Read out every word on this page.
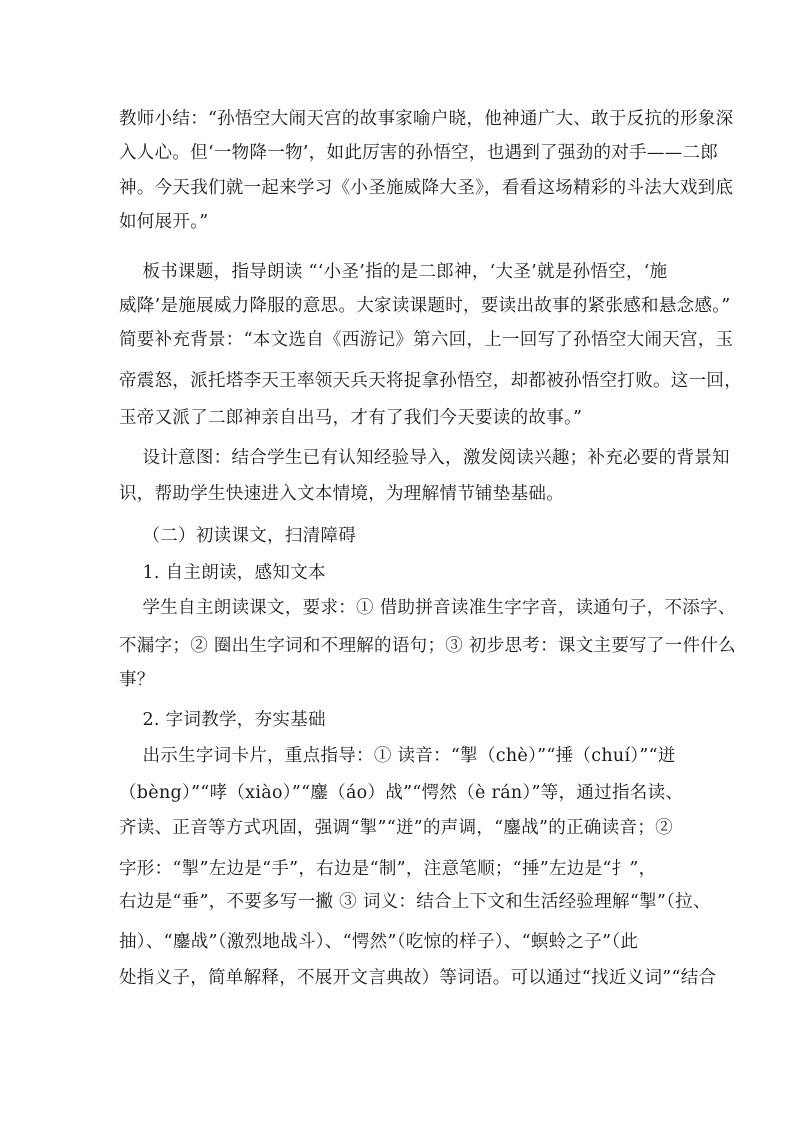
教师小结：“孙悟空大闹天宫的故事家喻户晓，他神通广大、敢于反抗的形象深

入人心。但‘一物降一物’，如此厉害的孙悟空，也遇到了强劲的对手——二郎

神。今天我们就一起来学习《小圣施威降大圣》，看看这场精彩的斗法大戏到底

如何展开。”

板书课题，指导朗读 “‘小圣’指的是二郎神，‘大圣’就是孙悟空，‘施

威降’是施展威力降服的意思。大家读课题时，要读出故事的紧张感和悬念感。”

简要补充背景：“本文选自《西游记》第六回，上一回写了孙悟空大闹天宫，玉

帝震怒，派托塔李天王率领天兵天将捉拿孙悟空，却都被孙悟空打败。这一回，

玉帝又派了二郎神亲自出马，才有了我们今天要读的故事。”

设计意图：结合学生已有认知经验导入，激发阅读兴趣；补充必要的背景知

识，帮助学生快速进入文本情境，为理解情节铺垫基础。

（二）初读课文，扫清障碍

1. 自主朗读，感知文本

学生自主朗读课文，要求：① 借助拼音读准生字字音，读通句子，不添字、

不漏字；② 圈出生字词和不理解的语句；③ 初步思考：课文主要写了一件什么

事？

2. 字词教学，夯实基础

出示生字词卡片，重点指导：① 读音：“掣（chè）”“捶（chuí）”“迸

（bèng）”“哮（xiào）”“鏖（áo）战”“愕然（è rán）”等，通过指名读、

齐读、正音等方式巩固，强调“掣”“迸”的声调，“鏖战”的正确读音；②

字形：“掣”左边是“手”，右边是“制”，注意笔顺；“捶”左边是“扌”，

右边是“垂”，不要多写一撇 ③ 词义：结合上下文和生活经验理解“掣”（拉、

抽）、“鏖战”（激烈地战斗）、“愕然”（吃惊的样子）、“螟蛉之子”（此

处指义子，简单解释，不展开文言典故）等词语。可以通过“找近义词”“结合
